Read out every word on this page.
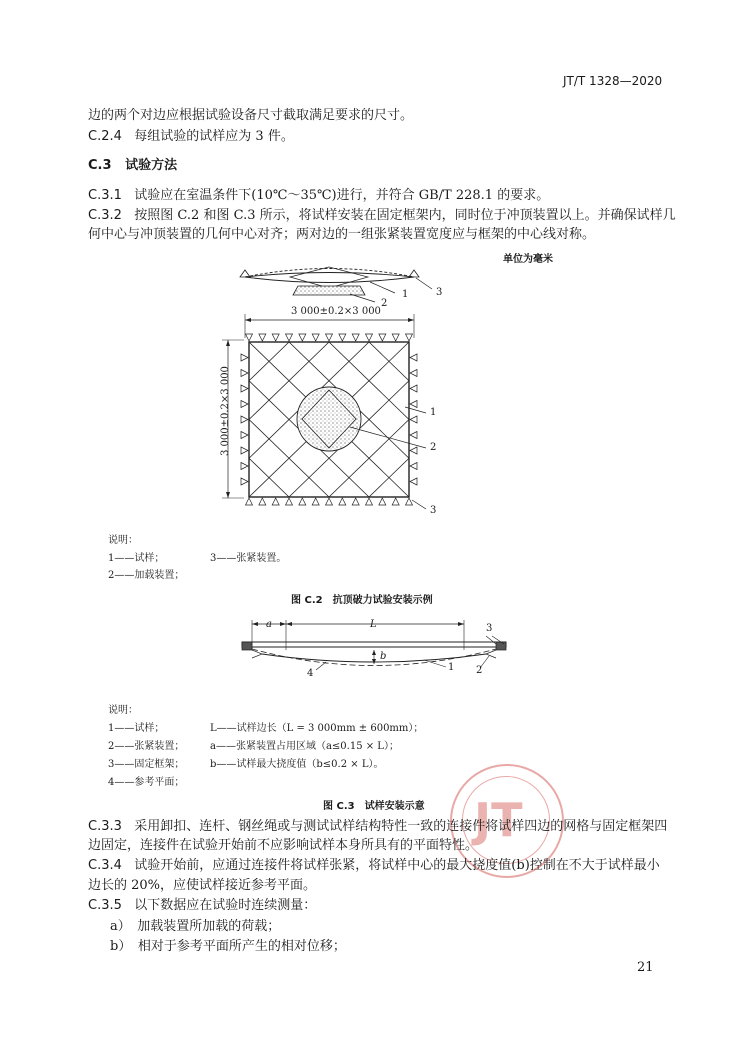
JT/T 1328—2020
边的两个对边应根据试验设备尺寸截取满足要求的尺寸。
C.2.4 每组试验的试样应为 3 件。
C.3 试验方法
C.3.1 试验应在室温条件下(10℃～35℃)进行，并符合 GB/T 228.1 的要求。
C.3.2 按照图 C.2 和图 C.3 所示，将试样安装在固定框架内，同时位于冲顶装置以上。并确保试样几
何中心与冲顶装置的几何中心对齐；两对边的一组张紧装置宽度应与框架的中心线对称。
单位为毫米
1
2
3
3 000±0.2×3 000
3 000±0.2×3 000	1
2
3
说明：
1——试样；	3——张紧装置。
2——加载装置；
图 C.2　抗顶破力试验安装示例
a	L
b
1 2
3
4
说明：
1——试样；	L——试样边长（L = 3 000mm ± 600mm）；
2——张紧装置；	a——张紧装置占用区域（a≤0.15 × L）；
3——固定框架；	b——试样最大挠度值（b≤0.2 × L）。
4——参考平面；
图 C.3　试样安装示意 JT
C.3.3 采用卸扣、连杆、钢丝绳或与测试试样结构特性一致的连接件将试样四边的网格与固定框架四
边固定，连接件在试验开始前不应影响试样本身所具有的平面特性。
C.3.4 试验开始前，应通过连接件将试样张紧，将试样中心的最大挠度值(b)控制在不大于试样最小
边长的 20%，应使试样接近参考平面。
C.3.5 以下数据应在试验时连续测量：
a）　加载装置所加载的荷载；
b）　相对于参考平面所产生的相对位移；
21
